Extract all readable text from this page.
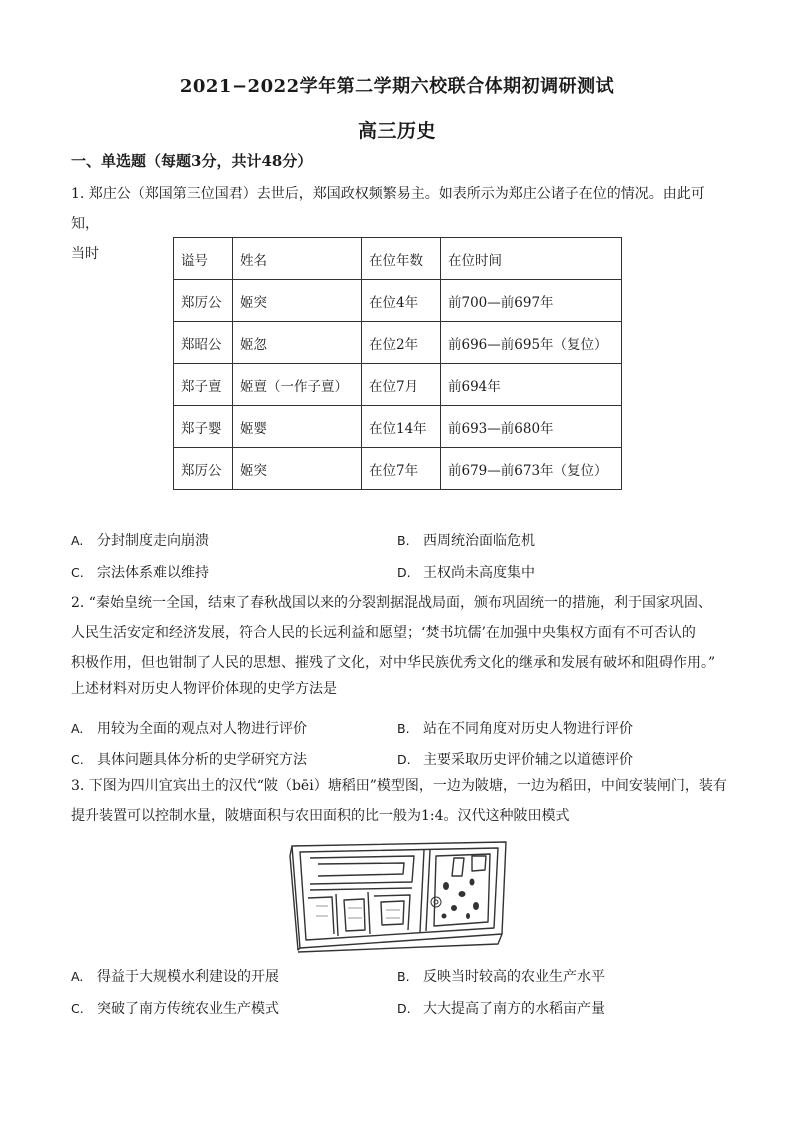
2021−2022学年第二学期六校联合体期初调研测试
高三历史
一、单选题（每题3分，共计48分）
1. 郑庄公（郑国第三位国君）去世后，郑国政权频繁易主。如表所示为郑庄公诸子在位的情况。由此可知，
当时	谥号	姓名	在位年数	在位时间
郑厉公	姬突	在位4年	前700—前697年
郑昭公	姬忽	在位2年	前696—前695年（复位）
郑子亶	姬亶（一作子亶）	在位7月	前694年
郑子婴	姬婴	在位14年	前693—前680年
郑厉公	姬突	在位7年	前679—前673年（复位）
A. 分封制度走向崩溃	B. 西周统治面临危机
C. 宗法体系难以维持	D. 王权尚未高度集中
2. “秦始皇统一全国，结束了春秋战国以来的分裂割据混战局面，颁布巩固统一的措施，利于国家巩固、
人民生活安定和经济发展，符合人民的长远利益和愿望；‘焚书坑儒’在加强中央集权方面有不可否认的
积极作用，但也钳制了人民的思想、摧残了文化，对中华民族优秀文化的继承和发展有破坏和阻碍作用。”
上述材料对历史人物评价体现的史学方法是
A. 用较为全面的观点对人物进行评价	B. 站在不同角度对历史人物进行评价
C. 具体问题具体分析的史学研究方法	D. 主要采取历史评价辅之以道德评价
3. 下图为四川宜宾出土的汉代“陂（bēi）塘稻田”模型图，一边为陂塘，一边为稻田，中间安装闸门，装有
提升装置可以控制水量，陂塘面积与农田面积的比一般为1:4。汉代这种陂田模式
A. 得益于大规模水利建设的开展	B. 反映当时较高的农业生产水平
C. 突破了南方传统农业生产模式	D. 大大提高了南方的水稻亩产量
